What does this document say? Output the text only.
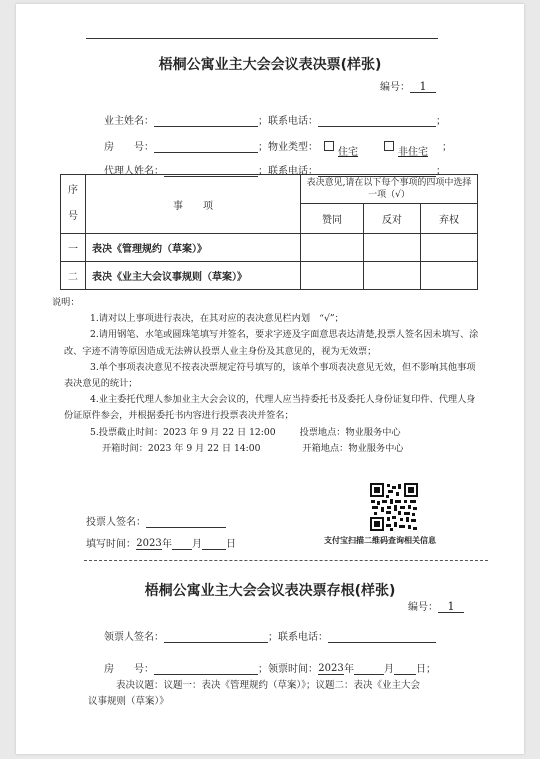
梧桐公寓业主大会会议表决票(样张)
编号： 1
业主姓名：	；联系电话：	；
房　　号：	；物业类型： 住宅	非住宅 ；
代理人姓名：	；联系电话：	；
序号	事　　项	表决意见,请在以下每个事项的四项中选择一项（√）		
		赞同	反对	弃权
一	表决《管理规约（草案）》			
二	表决《业主大会议事规则（草案）》			

说明：

1.请对以上事项进行表决，在其对应的表决意见栏内划　“√”；

2.请用钢笔、水笔或圆珠笔填写并签名，要求字迹及字面意思表达清楚,投票人签名因未填写、涂改、字迹不清等原因造成无法辨认投票人业主身份及其意见的，视为无效票；

3.单个事项表决意见不按表决票规定符号填写的，该单个事项表决意见无效，但不影响其他事项表决意见的统计；

4.业主委托代理人参加业主大会会议的，代理人应当持委托书及委托人身份证复印件、代理人身份证原件参会，并根据委托书内容进行投票表决并签名；

5.投票截止时间：2023 年 9 月 22 日 12:00	投票地点：物业服务中心

开箱时间：2023 年 9 月 22 日 14:00	开箱地点：物业服务中心

投票人签名：
填写时间：2023年 月 日	支付宝扫描二维码查询相关信息
梧桐公寓业主大会会议表决票存根(样张)
编号： 1
领票人签名：	；联系电话：
房　　号：	；领票时间：2023年	月 日；
表决议题：议题一：表决《管理规约（草案）》；议题二：表决《业主大会
议事规则（草案）》
